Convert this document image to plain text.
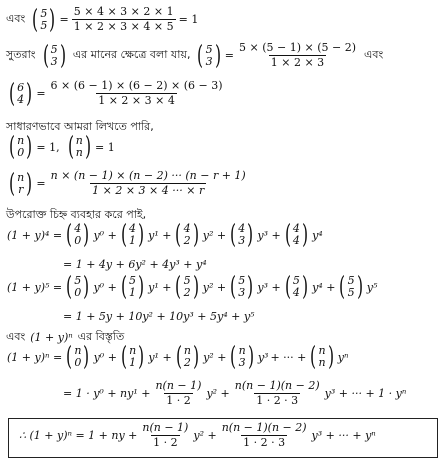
এবং ( 5
5 ) = $\frac{5 \times 4 \times 3 \times 2 \times 1}{1 \times 2 \times 3 \times 4 \times 5} = 1$
সুতরাং ( 5
3 ) এর মানের ক্ষেত্রে বলা যায়, ( 5
3 ) = $\frac{5 \times (5 - 1) \times (5 - 2)}{1 \times 2 \times 3}$ এবং
( 6
4 ) = $\frac{6 \times (6 - 1) \times (6 - 2) \times (6 - 3)}{1 \times 2 \times 3 \times 4}$
সাধারণভাবে আমরা লিখতে পারি,
( n
0 ) = 1, ( n
n ) = 1
( n
r ) = $\frac{n \times (n - 1) \times (n - 2) \cdot\cdot\cdot (n - r + 1)}{1 \times 2 \times 3 \times 4 \cdot\cdot\cdot \times r}$
উপরোক্ত চিহ্ন ব্যবহার করে পাই,
(1 + y)⁴ = ( 4
0 ) y⁰ + ( 4
1 ) y¹ + ( 4
2 ) y² + ( 4
3 ) y³ + ( 4
4 ) y⁴
= 1 + 4y + 6y² + 4y³ + y⁴
(1 + y)⁵ = ( 5
0 ) y⁰ + ( 5
1 ) y¹ + ( 5
2 ) y² + ( 5
3 ) y³ + ( 5
4 ) y⁴ + ( 5
5 ) y⁵
= 1 + 5y + 10y² + 10y³ + 5y⁴ + y⁵
এবং (1 + y)ⁿ এর বিস্তৃতি
(1 + y)ⁿ = ( n
0 ) y⁰ + ( n
1 ) y¹ + ( n
2 ) y² + ( n
3 ) y³ + ··· + ( n
n ) yⁿ
= $1 \cdot y^0 + ny^1 + \frac{n(n - 1)}{1 \cdot 2} y^2 + \frac{n(n - 1)(n - 2)}{1 \cdot 2 \cdot 3} y^3$ + ··· + 1 · yⁿ
∴ (1 + y)ⁿ = 1 + ny + $\frac{n(n - 1)}{1 \cdot 2} y^2 + \frac{n(n - 1)(n - 2)}{1 \cdot 2 \cdot 3} y^3$ + ··· + yⁿ
